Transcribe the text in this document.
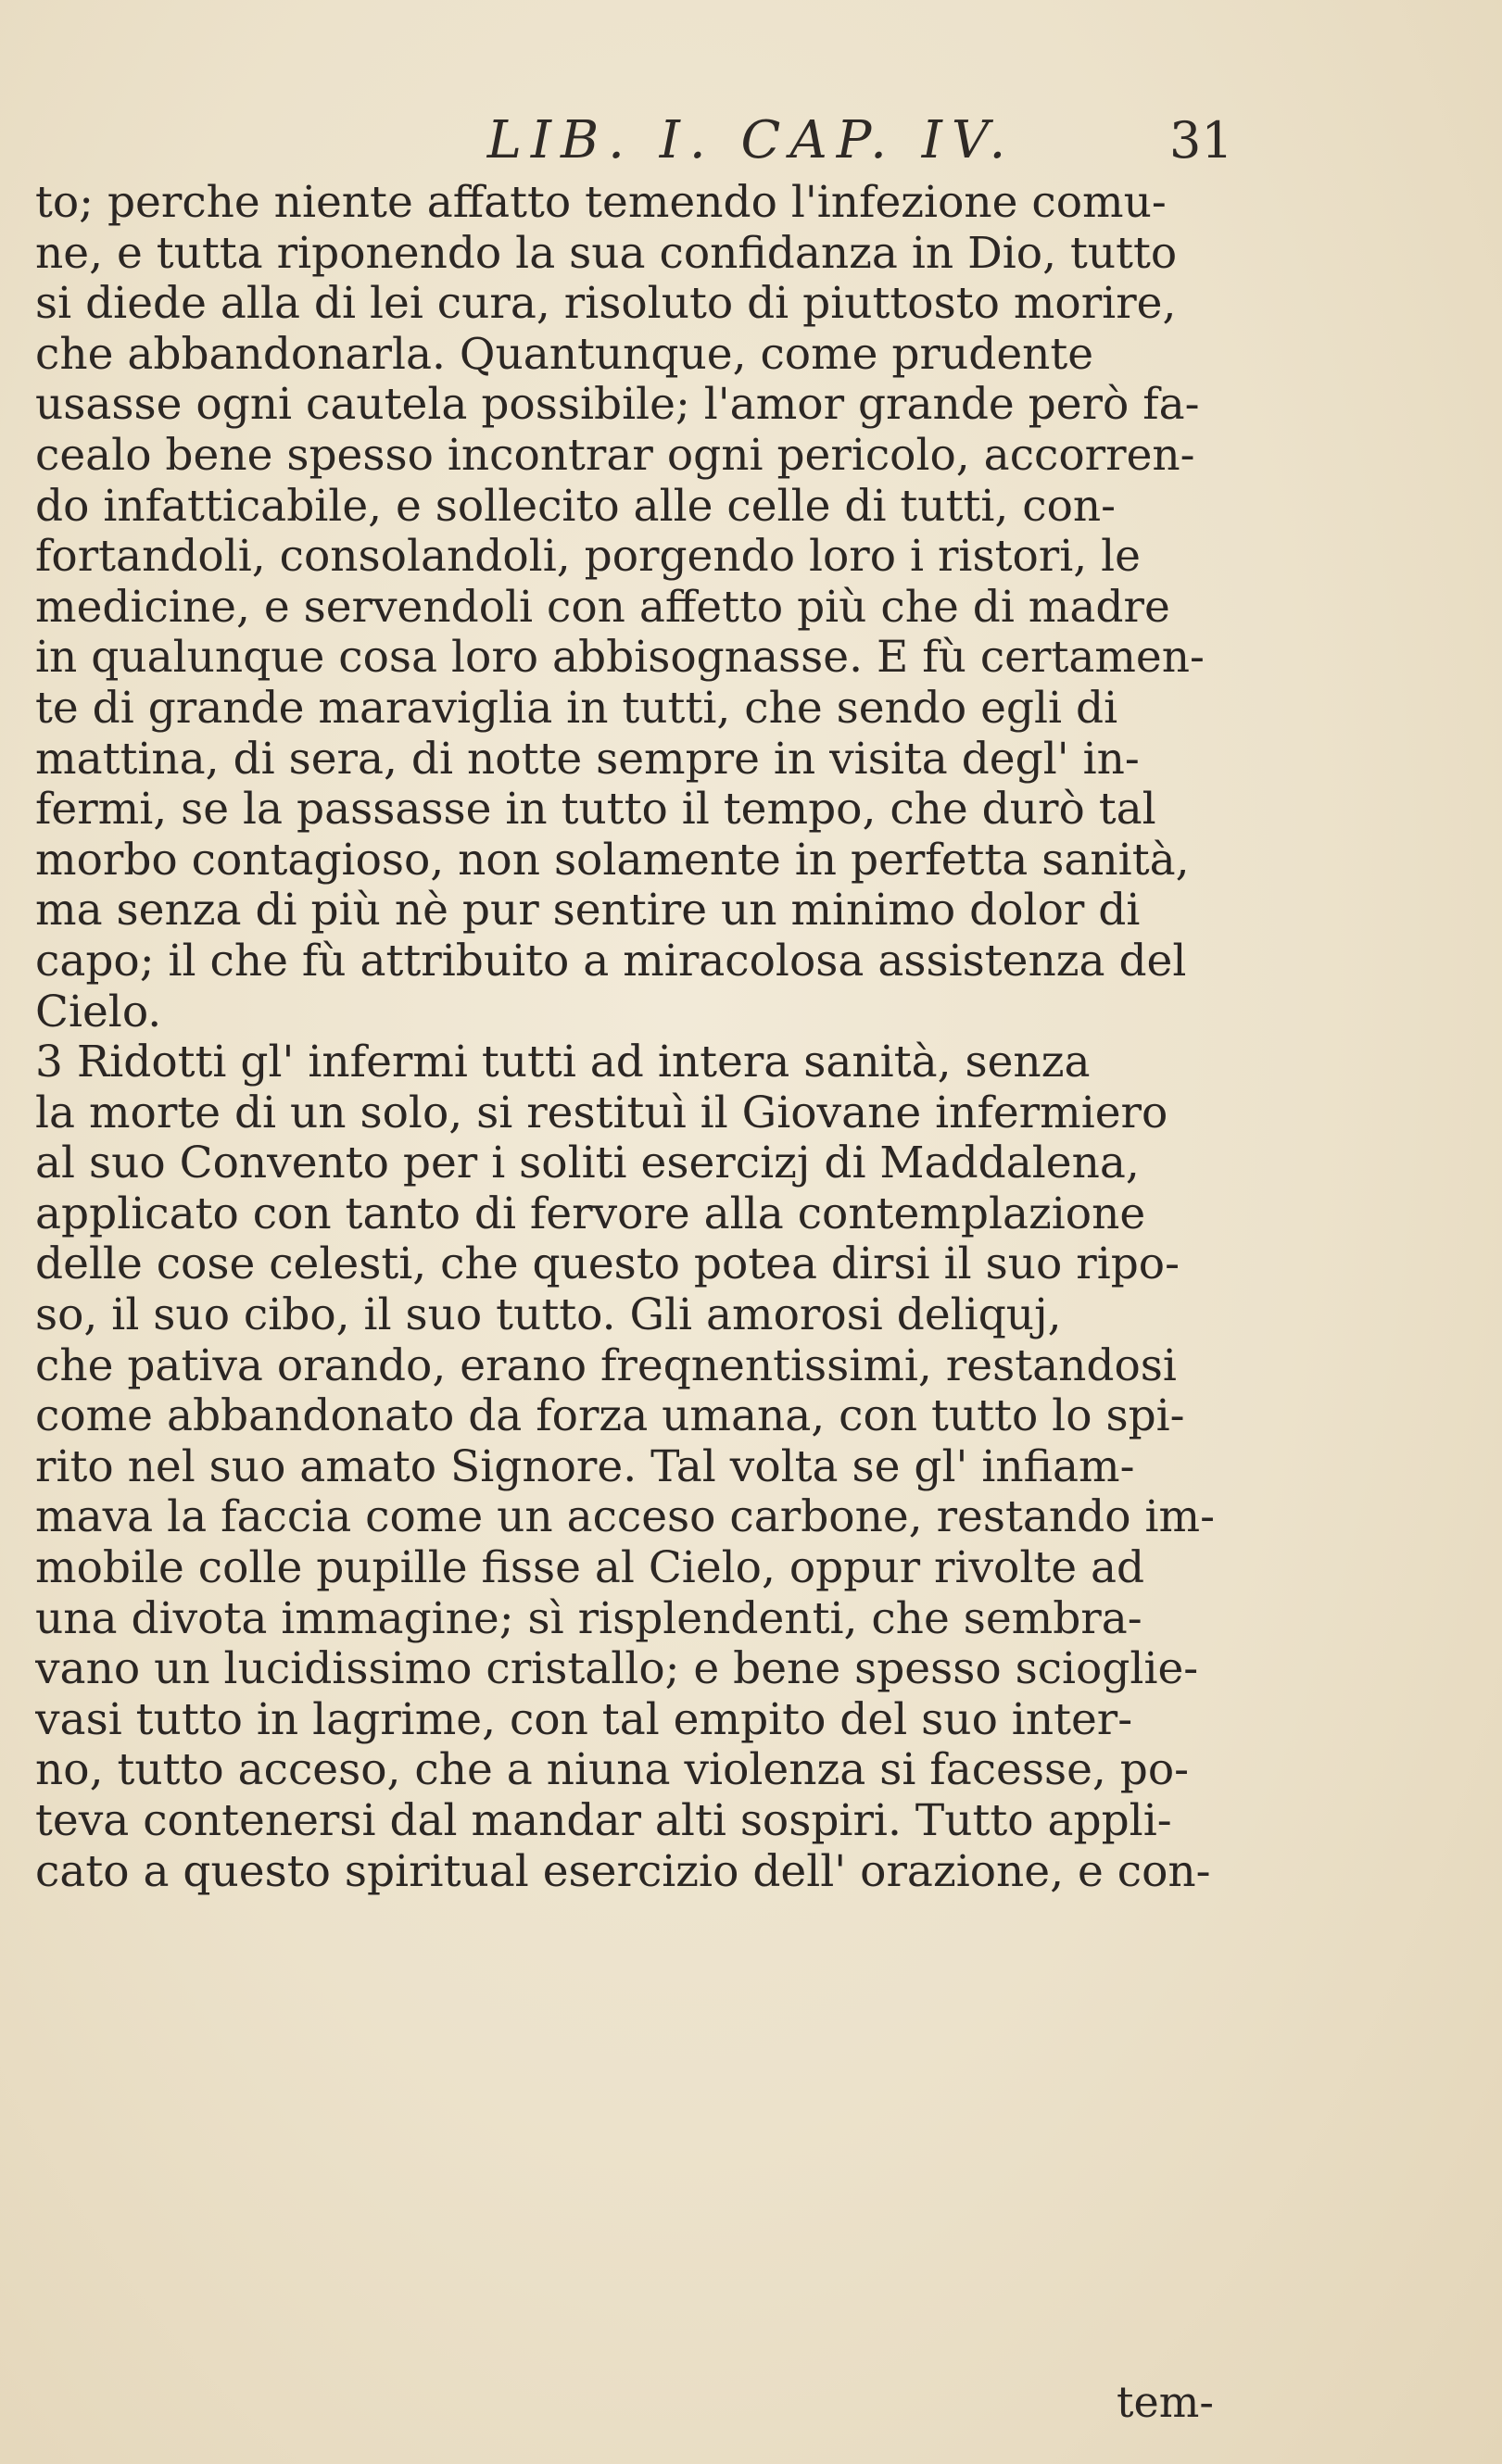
LIB. I. CAP. IV.	31
to; perche niente affatto temendo l'infezione comu-
ne, e tutta riponendo la sua confidanza in Dio, tutto
si diede alla di lei cura, risoluto di piuttosto morire,
che abbandonarla. Quantunque, come prudente
usasse ogni cautela possibile; l'amor grande però fa-
cealo bene spesso incontrar ogni pericolo, accorren-
do infatticabile, e sollecito alle celle di tutti, con-
fortandoli, consolandoli, porgendo loro i ristori, le
medicine, e servendoli con affetto più che di madre
in qualunque cosa loro abbisognasse. E fù certamen-
te di grande maraviglia in tutti, che sendo egli di
mattina, di sera, di notte sempre in visita degl' in-
fermi, se la passasse in tutto il tempo, che durò tal
morbo contagioso, non solamente in perfetta sanità,
ma senza di più nè pur sentire un minimo dolor di
capo; il che fù attribuito a miracolosa assistenza del
Cielo.
3 Ridotti gl' infermi tutti ad intera sanità, senza
la morte di un solo, si restituì il Giovane infermiero
al suo Convento per i soliti esercizj di Maddalena,
applicato con tanto di fervore alla contemplazione
delle cose celesti, che questo potea dirsi il suo ripo-
so, il suo cibo, il suo tutto. Gli amorosi deliquj,
che pativa orando, erano freqnentissimi, restandosi
come abbandonato da forza umana, con tutto lo spi-
rito nel suo amato Signore. Tal volta se gl' infiam-
mava la faccia come un acceso carbone, restando im-
mobile colle pupille fisse al Cielo, oppur rivolte ad
una divota immagine; sì risplendenti, che sembra-
vano un lucidissimo cristallo; e bene spesso scioglie-
vasi tutto in lagrime, con tal empito del suo inter-
no, tutto acceso, che a niuna violenza si facesse, po-
teva contenersi dal mandar alti sospiri. Tutto appli-
cato a questo spiritual esercizio dell' orazione, e con-
tem-
